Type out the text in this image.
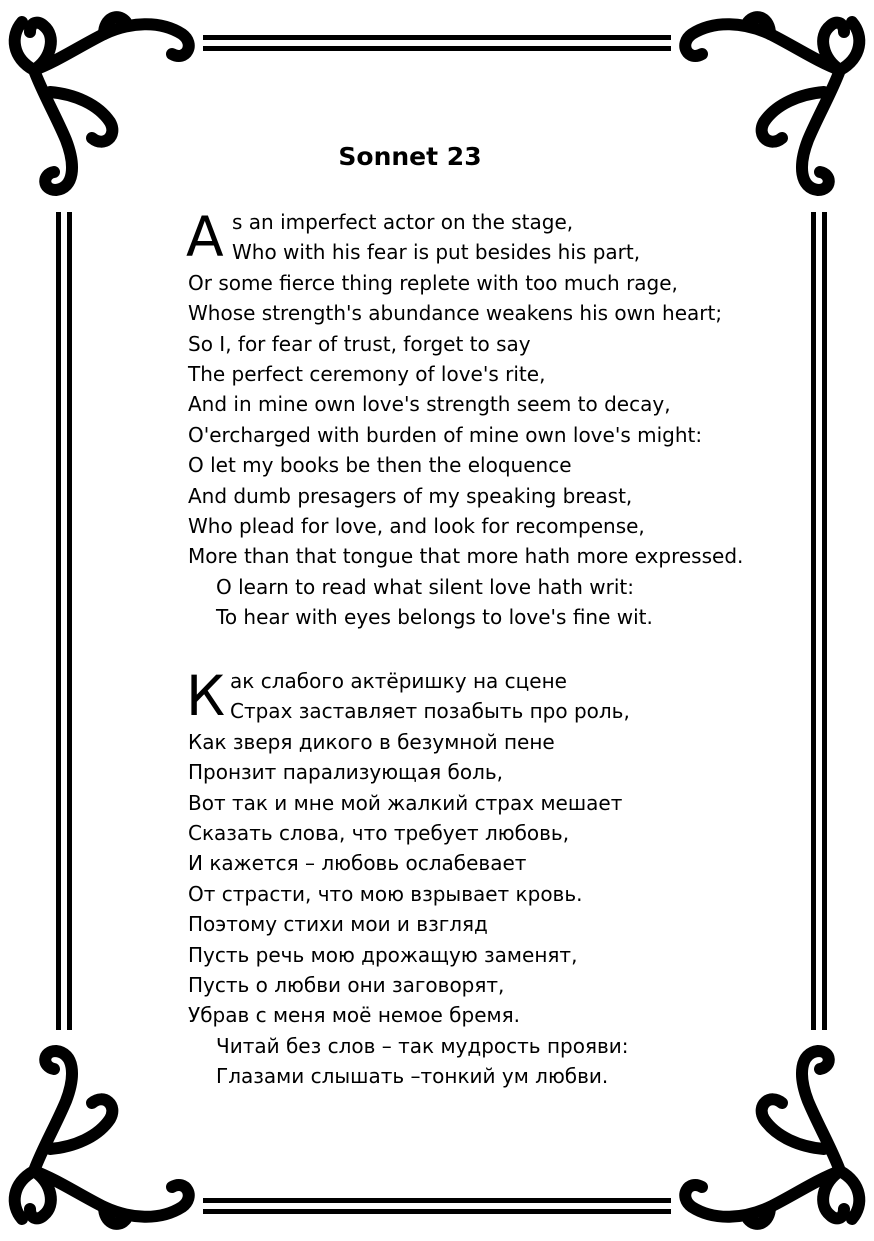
Sonnet 23
A s an imperfect actor on the stage,
Who with his fear is put besides his part,
Or some fierce thing replete with too much rage,
Whose strength's abundance weakens his own heart;
So I, for fear of trust, forget to say
The perfect ceremony of love's rite,
And in mine own love's strength seem to decay,
O'ercharged with burden of mine own love's might:
O let my books be then the eloquence
And dumb presagers of my speaking breast,
Who plead for love, and look for recompense,
More than that tongue that more hath more expressed.
O learn to read what silent love hath writ:
To hear with eyes belongs to love's fine wit.
К ак слабого актёришку на сцене
Страх заставляет позабыть про роль,
Как зверя дикого в безумной пене
Пронзит парализующая боль,
Вот так и мне мой жалкий страх мешает
Сказать слова, что требует любовь,
И кажется – любовь ослабевает
От страсти, что мою взрывает кровь.
Поэтому стихи мои и взгляд
Пусть речь мою дрожащую заменят,
Пусть о любви они заговорят,
Убрав с меня моё немое бремя.
Читай без слов – так мудрость прояви:
Глазами слышать –тонкий ум любви.
